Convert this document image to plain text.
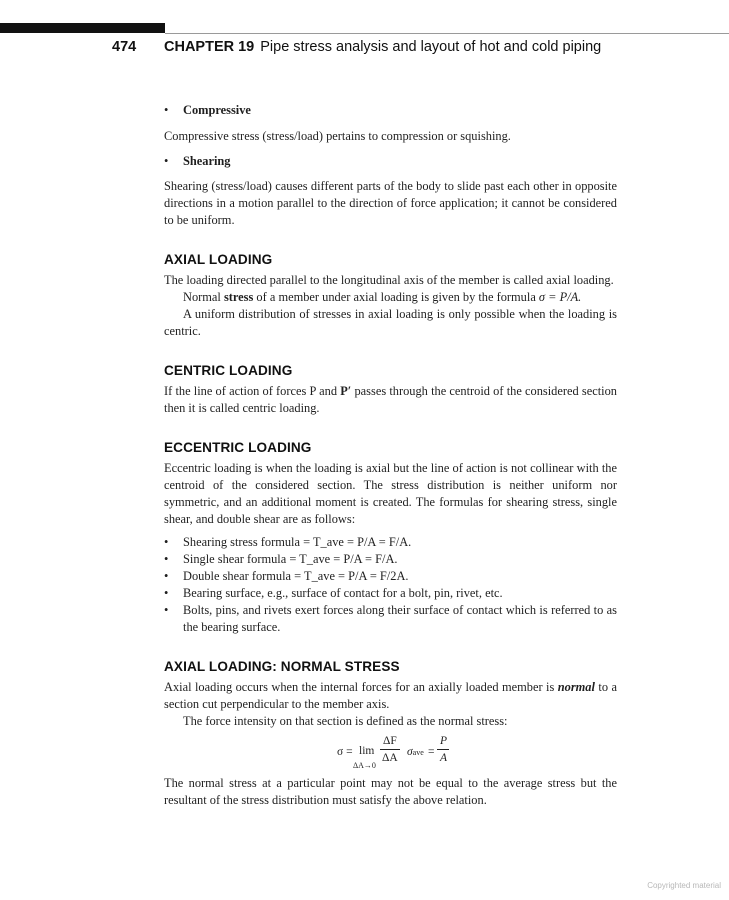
474 CHAPTER 19 Pipe stress analysis and layout of hot and cold piping
•	Compressive

Compressive stress (stress/load) pertains to compression or squishing.

•	Shearing

Shearing (stress/load) causes different parts of the body to slide past each other in opposite directions in a motion parallel to the direction of force application; it cannot be considered to be uniform.

AXIAL LOADING

The loading directed parallel to the longitudinal axis of the member is called axial loading.

Normal stress of a member under axial loading is given by the formula σ = P/A.

A uniform distribution of stresses in axial loading is only possible when the loading is centric.

CENTRIC LOADING

If the line of action of forces P and P′ passes through the centroid of the considered section then it is called centric loading.

ECCENTRIC LOADING

Eccentric loading is when the loading is axial but the line of action is not collinear with the centroid of the considered section. The stress distribution is neither uniform nor symmetric, and an additional moment is created. The formulas for shearing stress, single shear, and double shear are as follows:

•	Shearing stress formula = T_ave = P/A = F/A.
•	Single shear formula = T_ave = P/A = F/A.
•	Double shear formula = T_ave = P/A = F/2A.
•	Bearing surface, e.g., surface of contact for a bolt, pin, rivet, etc.
•	Bolts, pins, and rivets exert forces along their surface of contact which is referred to as the bearing surface.
AXIAL LOADING: NORMAL STRESS

Axial loading occurs when the internal forces for an axially loaded member is normal to a section cut perpendicular to the member axis.

The force intensity on that section is defined as the normal stress:

σ = lim
ΔA→0
ΔF
ΔA σave =
P
A

The normal stress at a particular point may not be equal to the average stress but the resultant of the stress distribution must satisfy the above relation.

Copyrighted material
